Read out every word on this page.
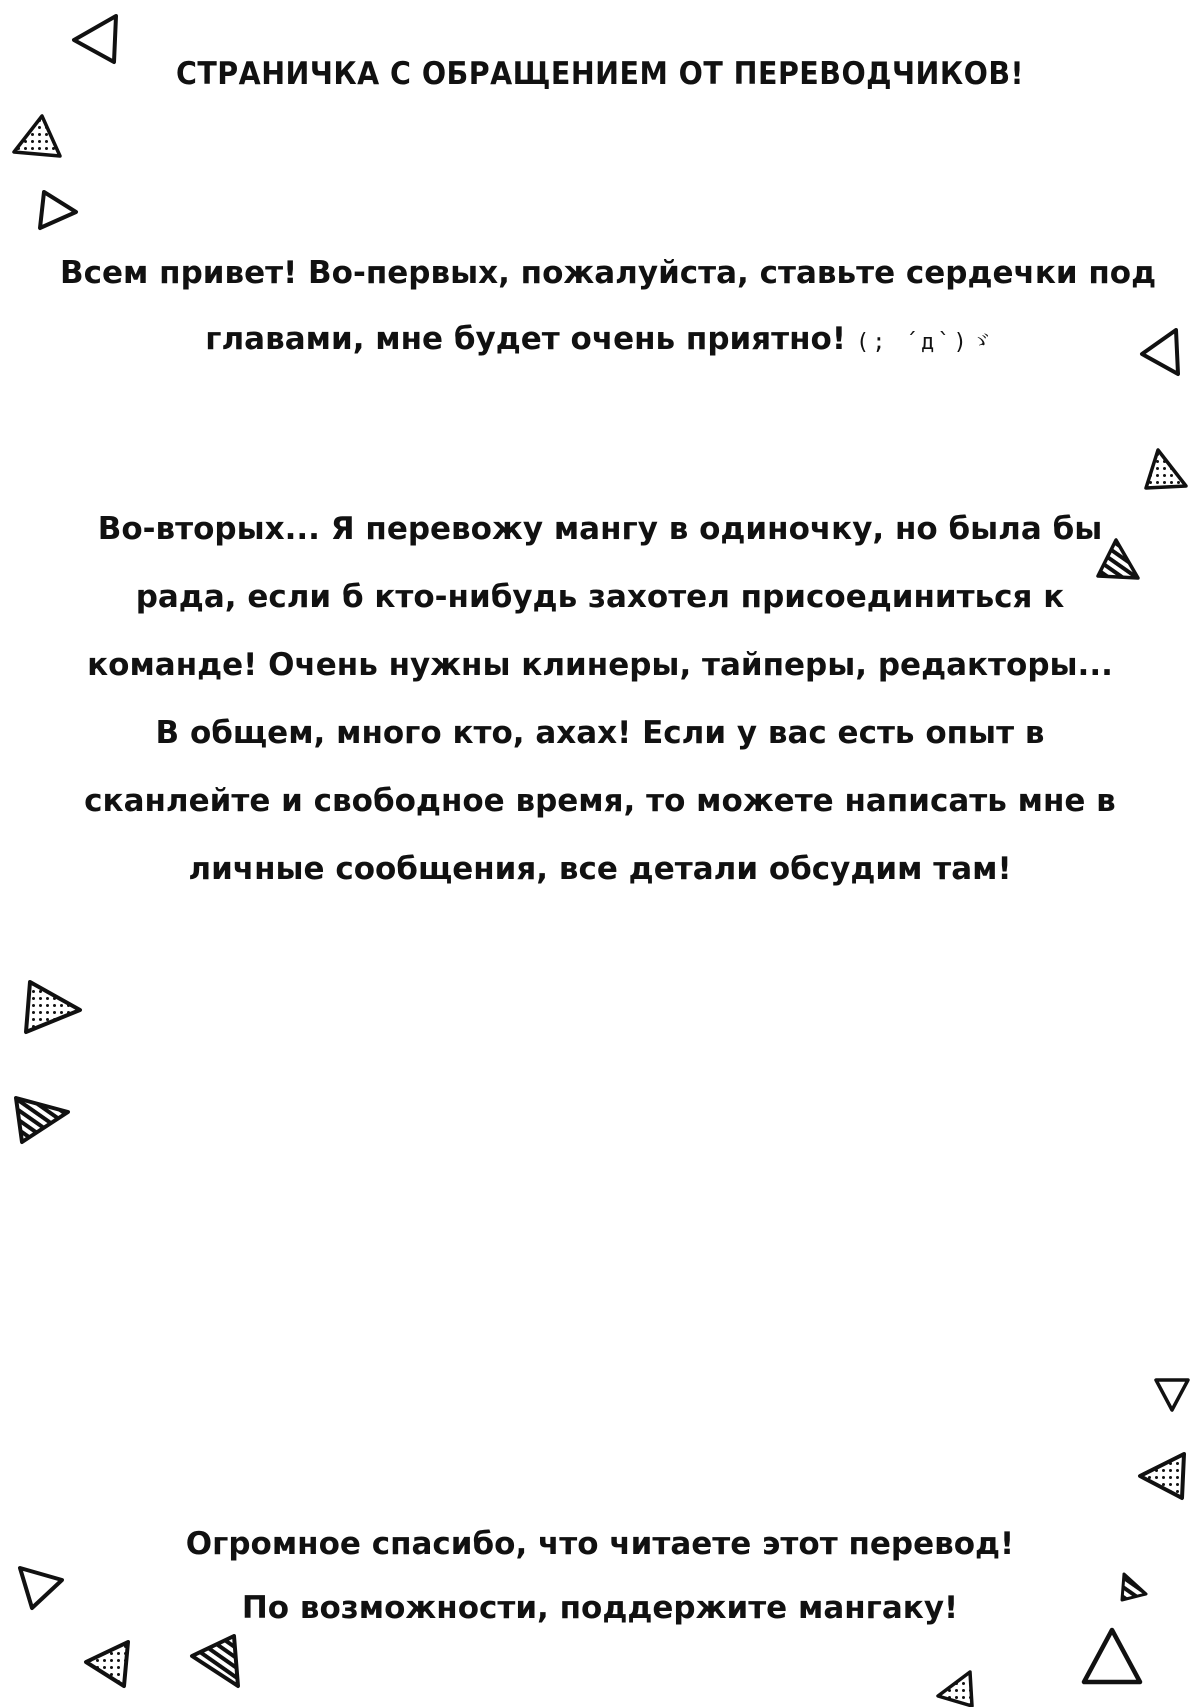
СТРАНИЧКА С ОБРАЩЕНИЕМ ОТ ПЕРЕВОДЧИКОВ!
Всем привет! Во-первых, пожалуйста, ставьте сердечки под
главами, мне будет очень приятно! (; ´д`)ゞ
Во-вторых... Я перевожу мангу в одиночку, но была бы
рада, если б кто-нибудь захотел присоединиться к
команде! Очень нужны клинеры, тайперы, редакторы...
В общем, много кто, ахах! Если у вас есть опыт в
сканлейте и свободное время, то можете написать мне в
личные сообщения, все детали обсудим там!
Огромное спасибо, что читаете этот перевод!
По возможности, поддержите мангаку!
